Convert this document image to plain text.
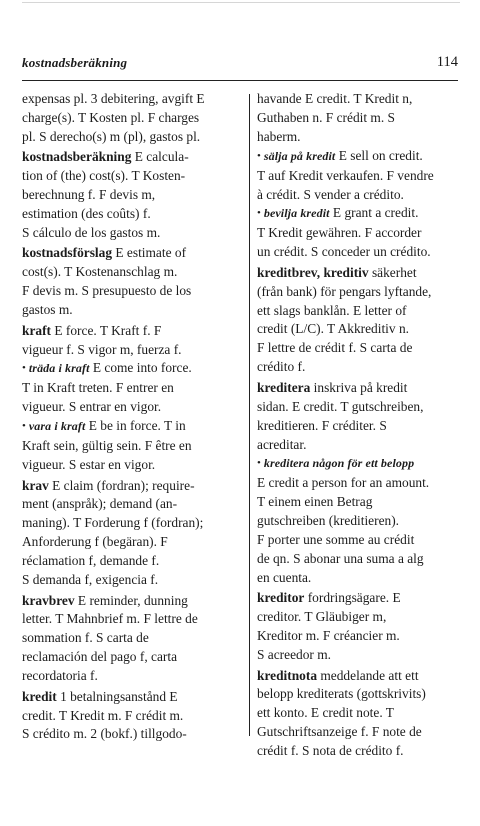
kostnadsberäkning	114
expensas pl. 3 debitering, avgift E
charge(s). T Kosten pl. F charges
pl. S derecho(s) m (pl), gastos pl.
kostnadsberäkning E calcula-
tion of (the) cost(s). T Kosten-
berechnung f. F devis m,
estimation (des coûts) f.
S cálculo de los gastos m.
kostnadsförslag E estimate of
cost(s). T Kostenanschlag m.
F devis m. S presupuesto de los
gastos m.
kraft E force. T Kraft f. F
vigueur f. S vigor m, fuerza f.
• träda i kraft E come into force.
T in Kraft treten. F entrer en
vigueur. S entrar en vigor.
• vara i kraft E be in force. T in
Kraft sein, gültig sein. F être en
vigueur. S estar en vigor.
krav E claim (fordran); require-
ment (anspråk); demand (an-
maning). T Forderung f (fordran);
Anforderung f (begäran). F
réclamation f, demande f.
S demanda f, exigencia f.
kravbrev E reminder, dunning
letter. T Mahnbrief m. F lettre de
sommation f. S carta de
reclamación del pago f, carta
recordatoria f.
kredit 1 betalningsanstånd E
credit. T Kredit m. F crédit m.
S crédito m. 2 (bokf.) tillgodo-
havande E credit. T Kredit n,
Guthaben n. F crédit m. S
haberm.
• sälja på kredit E sell on credit.
T auf Kredit verkaufen. F vendre
à crédit. S vender a crédito.
• bevilja kredit E grant a credit.
T Kredit gewähren. F accorder
un crédit. S conceder un crédito.
kreditbrev, kreditiv säkerhet
(från bank) för pengars lyftande,
ett slags banklån. E letter of
credit (L/C). T Akkreditiv n.
F lettre de crédit f. S carta de
crédito f.
kreditera inskriva på kredit
sidan. E credit. T gutschreiben,
kreditieren. F créditer. S
acreditar.
• kreditera någon för ett belopp
E credit a person for an amount.
T einem einen Betrag
gutschreiben (kreditieren).
F porter une somme au crédit
de qn. S abonar una suma a alg
en cuenta.
kreditor fordringsägare. E
creditor. T Gläubiger m,
Kreditor m. F créancier m.
S acreedor m.
kreditnota meddelande att ett
belopp krediterats (gottskrivits)
ett konto. E credit note. T
Gutschriftsanzeige f. F note de
crédit f. S nota de crédito f.
